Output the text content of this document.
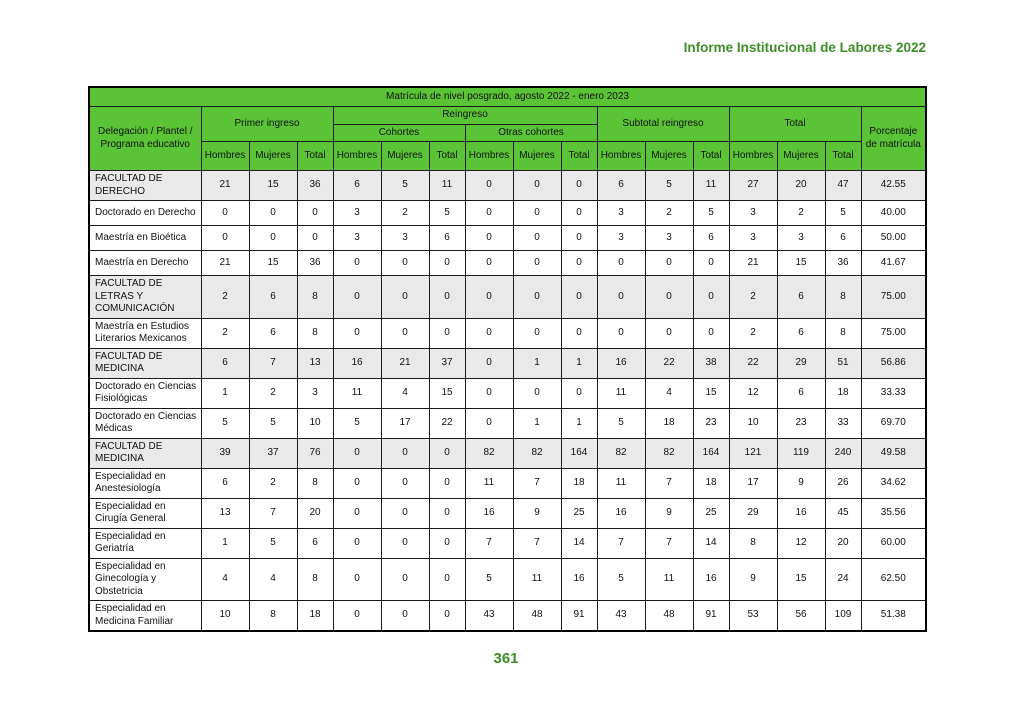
Informe Institucional de Labores 2022
Matrícula de nivel posgrado, agosto 2022 - enero 2023																
Delegación / Plantel / Programa educativo	Primer ingreso			Reingreso						Subtotal reingreso			Total			Porcentaje de matrícula
				Cohortes			Otras cohortes									
	Hombres	Mujeres	Total	Hombres	Mujeres	Total	Hombres	Mujeres	Total	Hombres	Mujeres	Total	Hombres	Mujeres	Total	
FACULTAD DE DERECHO	21	15	36	6	5	11	0	0	0	6	5	11	27	20	47	42.55
Doctorado en Derecho	0	0	0	3	2	5	0	0	0	3	2	5	3	2	5	40.00
Maestría en Bioética	0	0	0	3	3	6	0	0	0	3	3	6	3	3	6	50.00
Maestría en Derecho	21	15	36	0	0	0	0	0	0	0	0	0	21	15	36	41.67
FACULTAD DE LETRAS Y COMUNICACIÓN	2	6	8	0	0	0	0	0	0	0	0	0	2	6	8	75.00
Maestría en Estudios Literarios Mexicanos	2	6	8	0	0	0	0	0	0	0	0	0	2	6	8	75.00
FACULTAD DE MEDICINA	6	7	13	16	21	37	0	1	1	16	22	38	22	29	51	56.86
Doctorado en Ciencias Fisiológicas	1	2	3	11	4	15	0	0	0	11	4	15	12	6	18	33.33
Doctorado en Ciencias Médicas	5	5	10	5	17	22	0	1	1	5	18	23	10	23	33	69.70
FACULTAD DE MEDICINA	39	37	76	0	0	0	82	82	164	82	82	164	121	119	240	49.58
Especialidad en Anestesiología	6	2	8	0	0	0	11	7	18	11	7	18	17	9	26	34.62
Especialidad en Cirugía General	13	7	20	0	0	0	16	9	25	16	9	25	29	16	45	35.56
Especialidad en Geriatría	1	5	6	0	0	0	7	7	14	7	7	14	8	12	20	60.00
Especialidad en Ginecología y Obstetricia	4	4	8	0	0	0	5	11	16	5	11	16	9	15	24	62.50
Especialidad en Medicina Familiar	10	8	18	0	0	0	43	48	91	43	48	91	53	56	109	51.38
361
